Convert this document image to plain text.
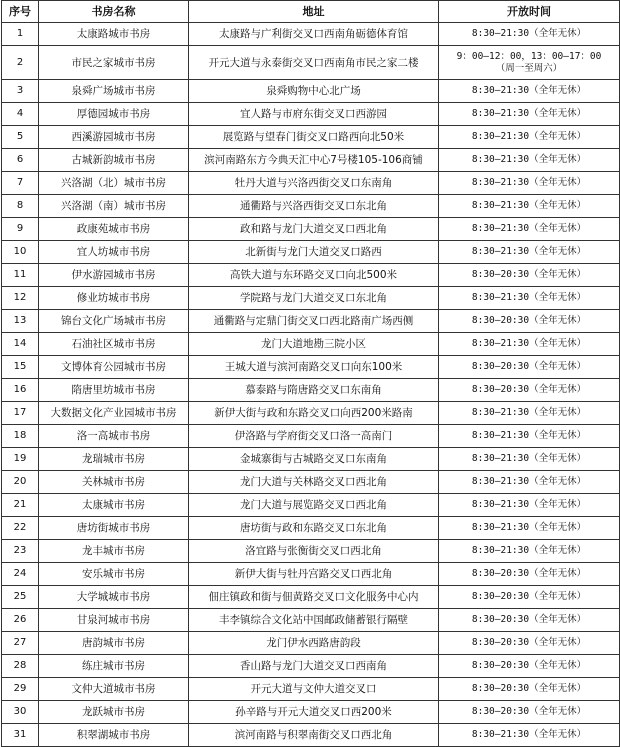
序号	书房名称	地址	开放时间
1	太康路城市书房	太康路与广利街交叉口西南角砺德体育馆	8:30—21:30（全年无休）

2	市民之家城市书房	开元大道与永泰街交叉口西南角市民之家二楼	9：00—12：00，13：00—17：00
（周一至周六）

3	泉舜广场城市书房	泉舜购物中心北广场	8:30—21:30（全年无休）

4	厚德园城市书房	宜人路与市府东街交叉口西游园	8:30—21:30（全年无休）

5	西溪游园城市书房	展览路与望春门街交叉口路西向北50米	8:30—21:30（全年无休）

6	古城新韵城市书房	滨河南路东方今典天汇中心7号楼105-106商铺	8:30—21:30（全年无休）

7	兴洛湖（北）城市书房	牡丹大道与兴洛西街交叉口东南角	8:30—21:30（全年无休）

8	兴洛湖（南）城市书房	通衢路与兴洛西街交叉口东北角	8:30—21:30（全年无休）

9	政康苑城市书房	政和路与龙门大道交叉口西北角	8:30—21:30（全年无休）

10	宜人坊城市书房	北新街与龙门大道交叉口路西	8:30—21:30（全年无休）

11	伊水游园城市书房	高铁大道与东环路交叉口向北500米	8:30—20:30（全年无休）

12	修业坊城市书房	学院路与龙门大道交叉口东北角	8:30—21:30（全年无休）

13	锦台文化广场城市书房	通衢路与定鼎门街交叉口西北路南广场西侧	8:30—20:30（全年无休）

14	石油社区城市书房	龙门大道地勘三院小区	8:30—21:30（全年无休）

15	文博体育公园城市书房	王城大道与滨河南路交叉口向东100米	8:30—20:30（全年无休）

16	隋唐里坊城市书房	慕泰路与隋唐路交叉口东南角	8:30—20:30（全年无休）

17	大数据文化产业园城市书房	新伊大街与政和东路交叉口向西200米路南	8:30—21:30（全年无休）

18	洛一高城市书房	伊洛路与学府街交叉口洛一高南门	8:30—21:30（全年无休）

19	龙瑞城市书房	金城寨街与古城路交叉口东南角	8:30—21:30（全年无休）

20	关林城市书房	龙门大道与关林路交叉口西北角	8:30—21:30（全年无休）

21	太康城市书房	龙门大道与展览路交叉口西北角	8:30—21:30（全年无休）

22	唐坊街城市书房	唐坊街与政和东路交叉口东北角	8:30—21:30（全年无休）

23	龙丰城市书房	洛宜路与张衡街交叉口西北角	8:30—21:30（全年无休）

24	安乐城市书房	新伊大街与牡丹宫路交叉口西北角	8:30—20:30（全年无休）

25	大学城城市书房	佃庄镇政和街与佃黄路交叉口文化服务中心内	8:30—20:30（全年无休）

26	甘泉河城市书房	丰李镇综合文化站中国邮政储蓄银行隔壁	8:30—20:30（全年无休）

27	唐韵城市书房	龙门伊水西路唐韵段	8:30—20:30（全年无休）

28	练庄城市书房	香山路与龙门大道交叉口西南角	8:30—20:30（全年无休）

29	文仲大道城市书房	开元大道与文仲大道交叉口	8:30—20:30（全年无休）

30	龙跃城市书房	孙辛路与开元大道交叉口西200米	8:30—20:30（全年无休）

31	积翠湖城市书房	滨河南路与积翠南街交叉口西北角	8:30—21:30（全年无休）
